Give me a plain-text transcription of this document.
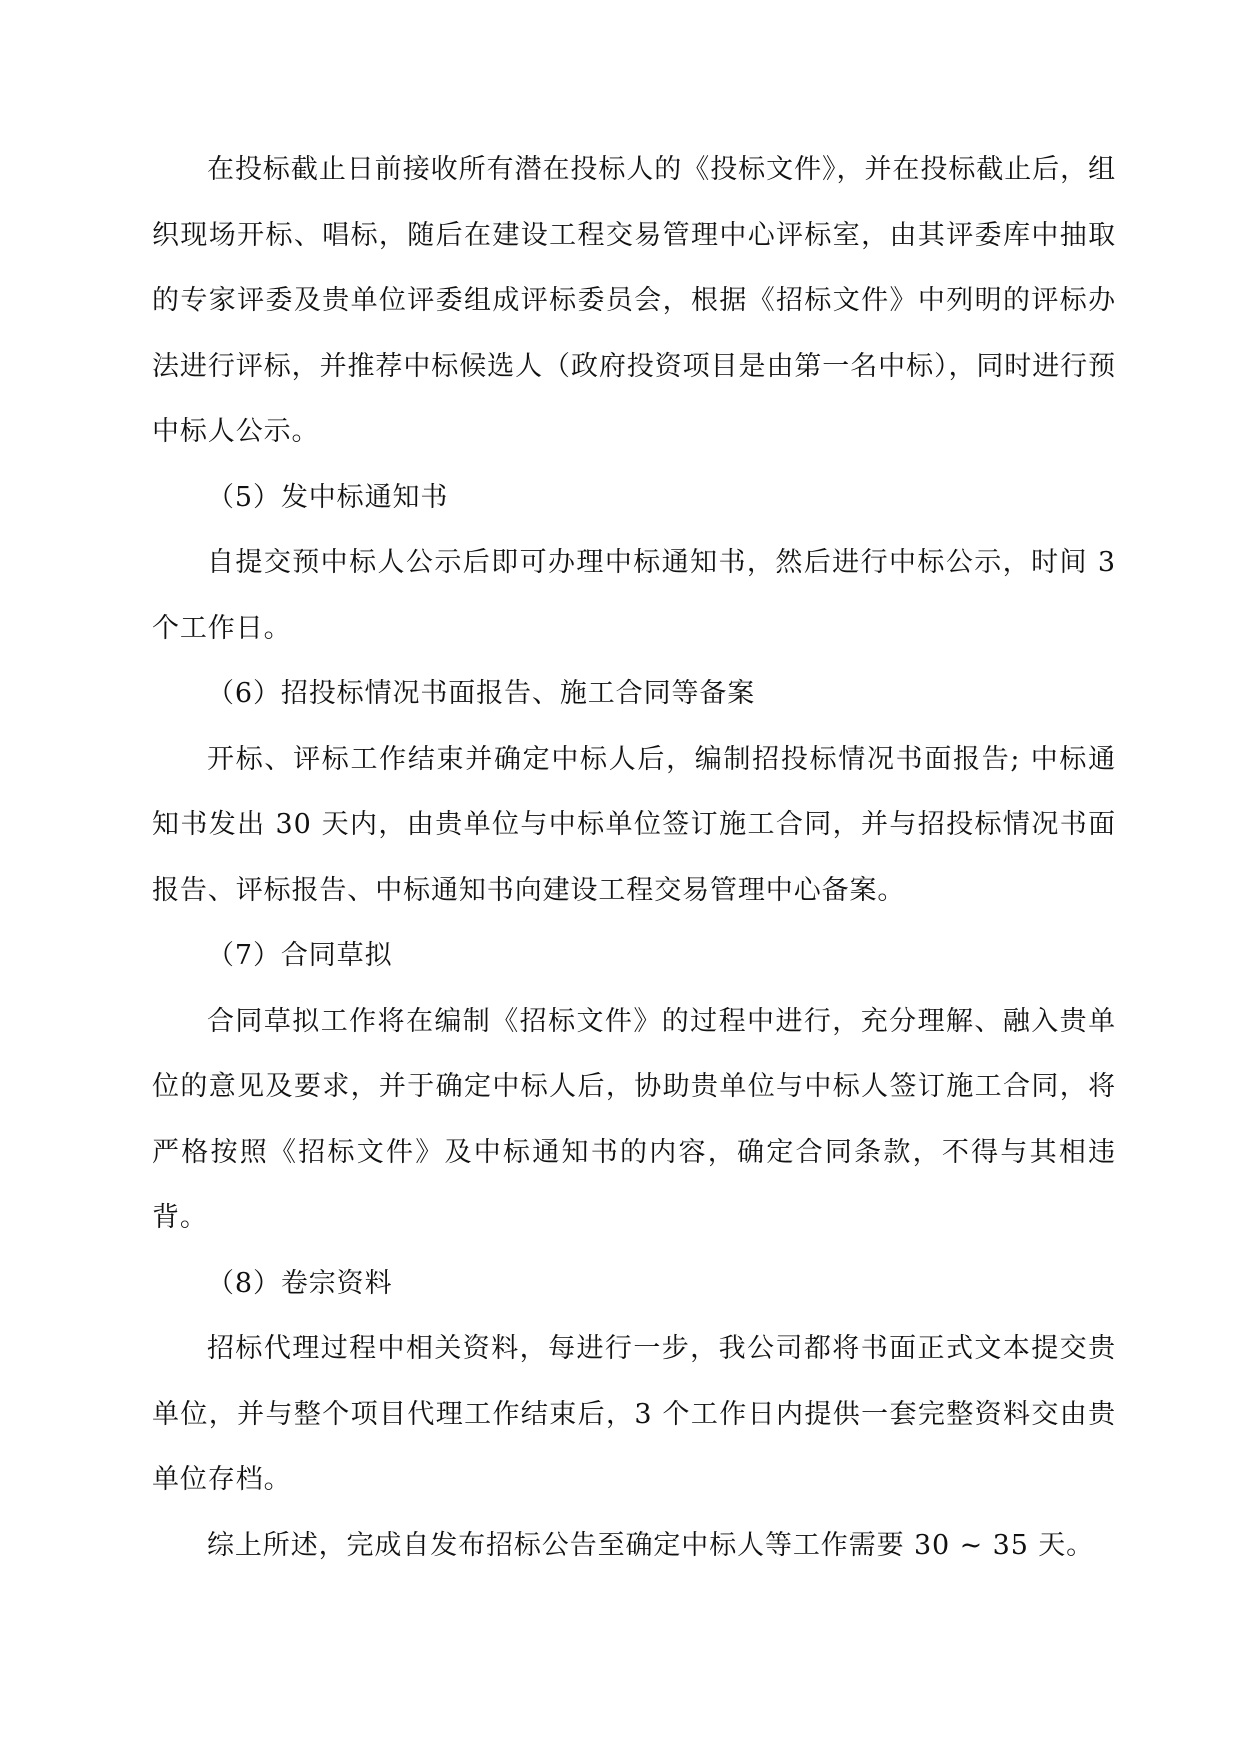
在投标截止日前接收所有潜在投标人的《投标文件》，并在投标截止后，组织现场开标、唱标，随后在建设工程交易管理中心评标室，由其评委库中抽取的专家评委及贵单位评委组成评标委员会，根据《招标文件》中列明的评标办法进行评标，并推荐中标候选人（政府投资项目是由第一名中标），同时进行预中标人公示。

（5）发中标通知书

自提交预中标人公示后即可办理中标通知书，然后进行中标公示，时间 3 个工作日。

（6）招投标情况书面报告、施工合同等备案

开标、评标工作结束并确定中标人后，编制招投标情况书面报告; 中标通知书发出 30 天内，由贵单位与中标单位签订施工合同，并与招投标情况书面报告、评标报告、中标通知书向建设工程交易管理中心备案。

（7）合同草拟

合同草拟工作将在编制《招标文件》的过程中进行，充分理解、融入贵单位的意见及要求，并于确定中标人后，协助贵单位与中标人签订施工合同，将严格按照《招标文件》及中标通知书的内容，确定合同条款，不得与其相违背。

（8）卷宗资料

招标代理过程中相关资料，每进行一步，我公司都将书面正式文本提交贵单位，并与整个项目代理工作结束后，3 个工作日内提供一套完整资料交由贵单位存档。

综上所述，完成自发布招标公告至确定中标人等工作需要 30 ~ 35 天。
